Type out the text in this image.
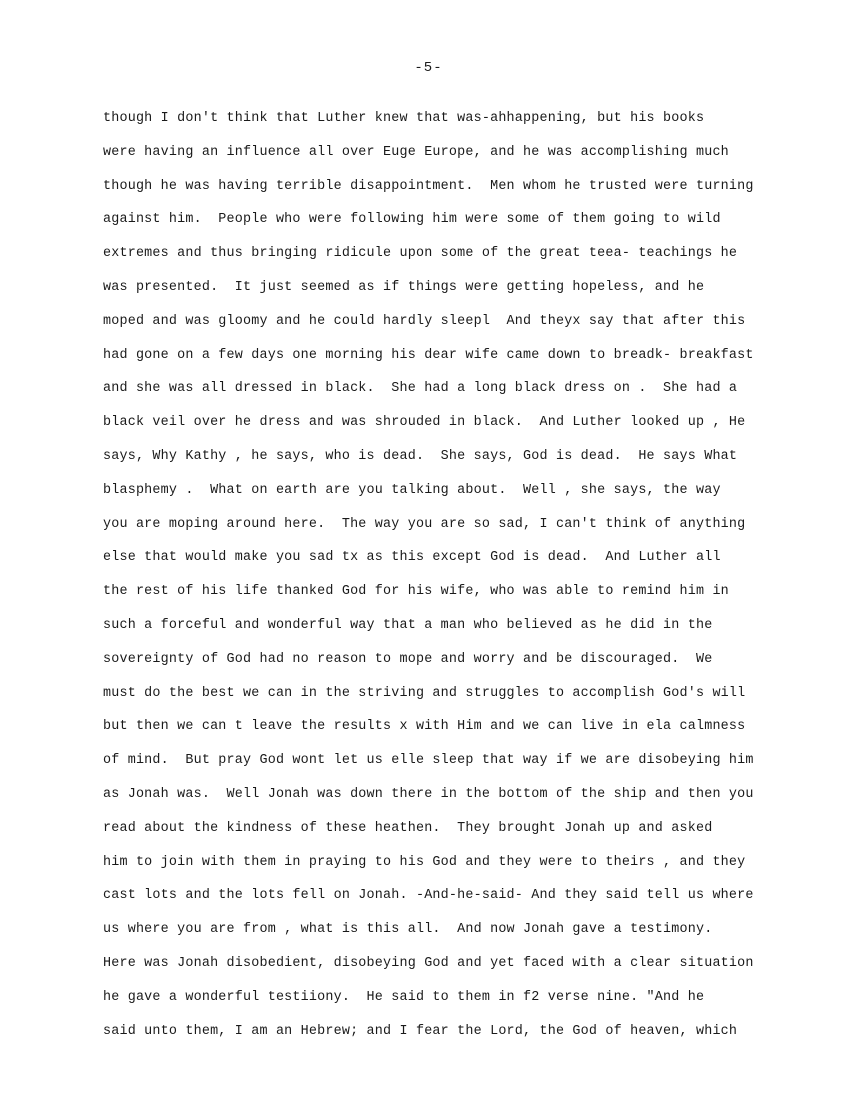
-5-
though I don't think that Luther knew that was-ahhappening, but his books
were having an influence all over Euge Europe, and he was accomplishing much
though he was having terrible disappointment.  Men whom he trusted were turning
against him.  People who were following him were some of them going to wild
extremes and thus bringing ridicule upon some of the great teea- teachings he
was presented.  It just seemed as if things were getting hopeless, and he
moped and was gloomy and he could hardly sleepl  And theyx say that after this
had gone on a few days one morning his dear wife came down to breadk- breakfast
and she was all dressed in black.  She had a long black dress on .  She had a
black veil over he dress and was shrouded in black.  And Luther looked up , He
says, Why Kathy , he says, who is dead.  She says, God is dead.  He says What
blasphemy .  What on earth are you talking about.  Well , she says, the way
you are moping around here.  The way you are so sad, I can't think of anything
else that would make you sad tx as this except God is dead.  And Luther all
the rest of his life thanked God for his wife, who was able to remind him in
such a forceful and wonderful way that a man who believed as he did in the
sovereignty of God had no reason to mope and worry and be discouraged.  We
must do the best we can in the striving and struggles to accomplish God's will
but then we can t leave the results x with Him and we can live in ela calmness
of mind.  But pray God wont let us elle sleep that way if we are disobeying him
as Jonah was.  Well Jonah was down there in the bottom of the ship and then you
read about the kindness of these heathen.  They brought Jonah up and asked
him to join with them in praying to his God and they were to theirs , and they
cast lots and the lots fell on Jonah. -And-he-said- And they said tell us where
us where you are from , what is this all.  And now Jonah gave a testimony.
Here was Jonah disobedient, disobeying God and yet faced with a clear situation
he gave a wonderful testiiony.  He said to them in f2 verse nine. "And he
said unto them, I am an Hebrew; and I fear the Lord, the God of heaven, which
